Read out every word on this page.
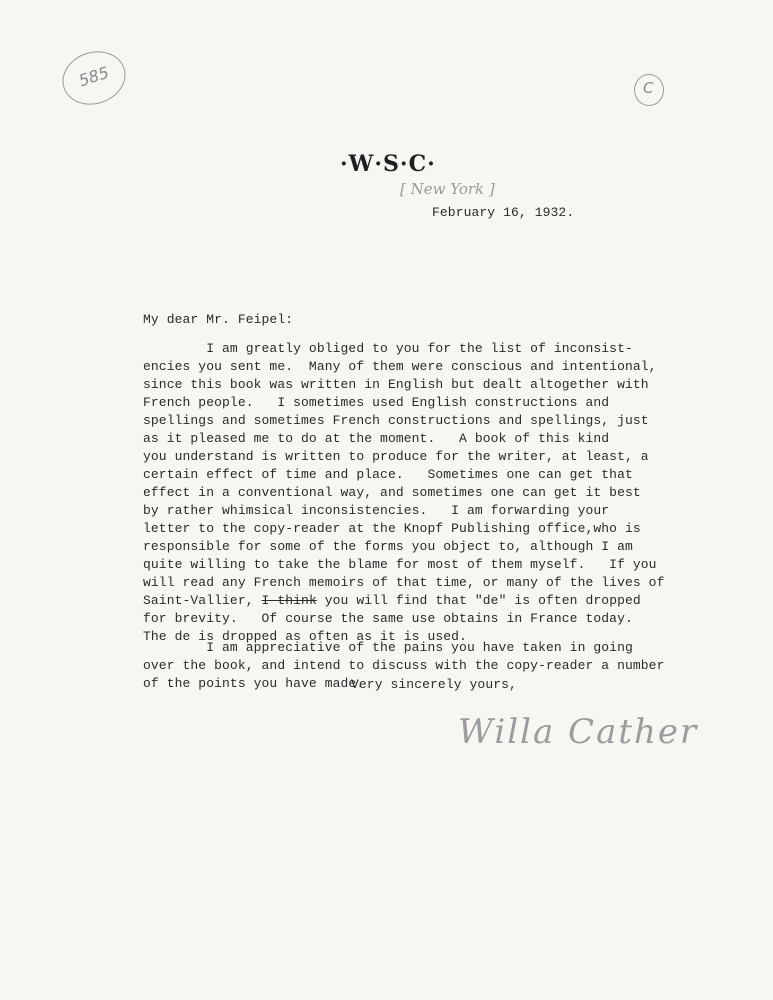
585	C
·W·S·C·
[ New York ]
February 16, 1932.
My dear Mr. Feipel:

I am greatly obliged to you for the list of inconsist-

encies you sent me.  Many of them were conscious and intentional,

since this book was written in English but dealt altogether with

French people.   I sometimes used English constructions and

spellings and sometimes French constructions and spellings, just

as it pleased me to do at the moment.   A book of this kind

you understand is written to produce for the writer, at least, a

certain effect of time and place.   Sometimes one can get that

effect in a conventional way, and sometimes one can get it best

by rather whimsical inconsistencies.   I am forwarding your

letter to the copy-reader at the Knopf Publishing office,who is

responsible for some of the forms you object to, although I am

quite willing to take the blame for most of them myself.   If you

will read any French memoirs of that time, or many of the lives of

Saint-Vallier, I think you will find that "de" is often dropped

for brevity.   Of course the same use obtains in France today.

The de is dropped as often as it is used.

I am appreciative of the pains you have taken in going

over the book, and intend to discuss with the copy-reader a number

of the points you have made.

Very sincerely yours,
Willa Cather
